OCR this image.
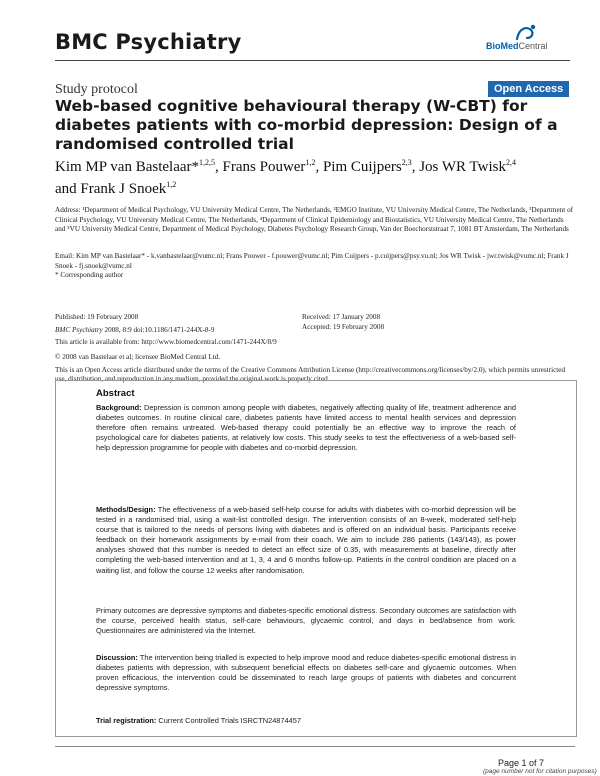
BMC Psychiatry	BioMedCentral
Study protocol	Open Access
Web-based cognitive behavioural therapy (W-CBT) for diabetes patients with co-morbid depression: Design of a randomised controlled trial
Kim MP van Bastelaar*$^{1,2,5}$, Frans Pouwer$^{1,2}$, Pim Cuijpers$^{2,3}$, Jos WR Twisk$^{2,4}$
and Frank J Snoek$^{1,2}$
Address: ¹Department of Medical Psychology, VU University Medical Centre, The Netherlands, ²EMGO Institute, VU University Medical Centre, The Netherlands, ³Department of Clinical Psychology, VU University Medical Centre, The Netherlands, ⁴Department of Clinical Epidemiology and Biostatistics, VU University Medical Centre, The Netherlands and ⁵VU University Medical Centre, Department of Medical Psychology, Diabetes Psychology Research Group, Van der Boechorststraat 7, 1081 BT Amsterdam, The Netherlands
Email: Kim MP van Bastelaar* - k.vanbastelaar@vumc.nl; Frans Pouwer - f.pouwer@vumc.nl; Pim Cuijpers - p.cuijpers@psy.vu.nl; Jos WR Twisk - jwr.twisk@vumc.nl; Frank J Snoek - fj.snoek@vumc.nl
* Corresponding author
Published: 19 February 2008
BMC Psychiatry 2008, 8:9 doi:10.1186/1471-244X-8-9
This article is available from: http://www.biomedcentral.com/1471-244X/8/9
Received: 17 January 2008
Accepted: 19 February 2008
© 2008 van Bastelaar et al; licensee BioMed Central Ltd.
This is an Open Access article distributed under the terms of the Creative Commons Attribution License (http://creativecommons.org/licenses/by/2.0), which permits unrestricted use, distribution, and reproduction in any medium, provided the original work is properly cited.
Abstract
Background: Depression is common among people with diabetes, negatively affecting quality of life, treatment adherence and diabetes outcomes. In routine clinical care, diabetes patients have limited access to mental health services and depression therefore often remains untreated. Web-based therapy could potentially be an effective way to improve the reach of psychological care for diabetes patients, at relatively low costs. This study seeks to test the effectiveness of a web-based self-help depression programme for people with diabetes and co-morbid depression.
Methods/Design: The effectiveness of a web-based self-help course for adults with diabetes with co-morbid depression will be tested in a randomised trial, using a wait-list controlled design. The intervention consists of an 8-week, moderated self-help course that is tailored to the needs of persons living with diabetes and is offered on an individual basis. Participants receive feedback on their homework assignments by e-mail from their coach. We aim to include 286 patients (143/143), as power analyses showed that this number is needed to detect an effect size of 0.35, with measurements at baseline, directly after completing the web-based intervention and at 1, 3, 4 and 6 months follow-up. Patients in the control condition are placed on a waiting list, and follow the course 12 weeks after randomisation.
Primary outcomes are depressive symptoms and diabetes-specific emotional distress. Secondary outcomes are satisfaction with the course, perceived health status, self-care behaviours, glycaemic control, and days in bed/absence from work. Questionnaires are administered via the Internet.
Discussion: The intervention being trialled is expected to help improve mood and reduce diabetes-specific emotional distress in diabetes patients with depression, with subsequent beneficial effects on diabetes self-care and glycaemic outcomes. When proven efficacious, the intervention could be disseminated to reach large groups of patients with diabetes and concurrent depressive symptoms.
Trial registration: Current Controlled Trials ISRCTN24874457
Page 1 of 7
(page number not for citation purposes)
